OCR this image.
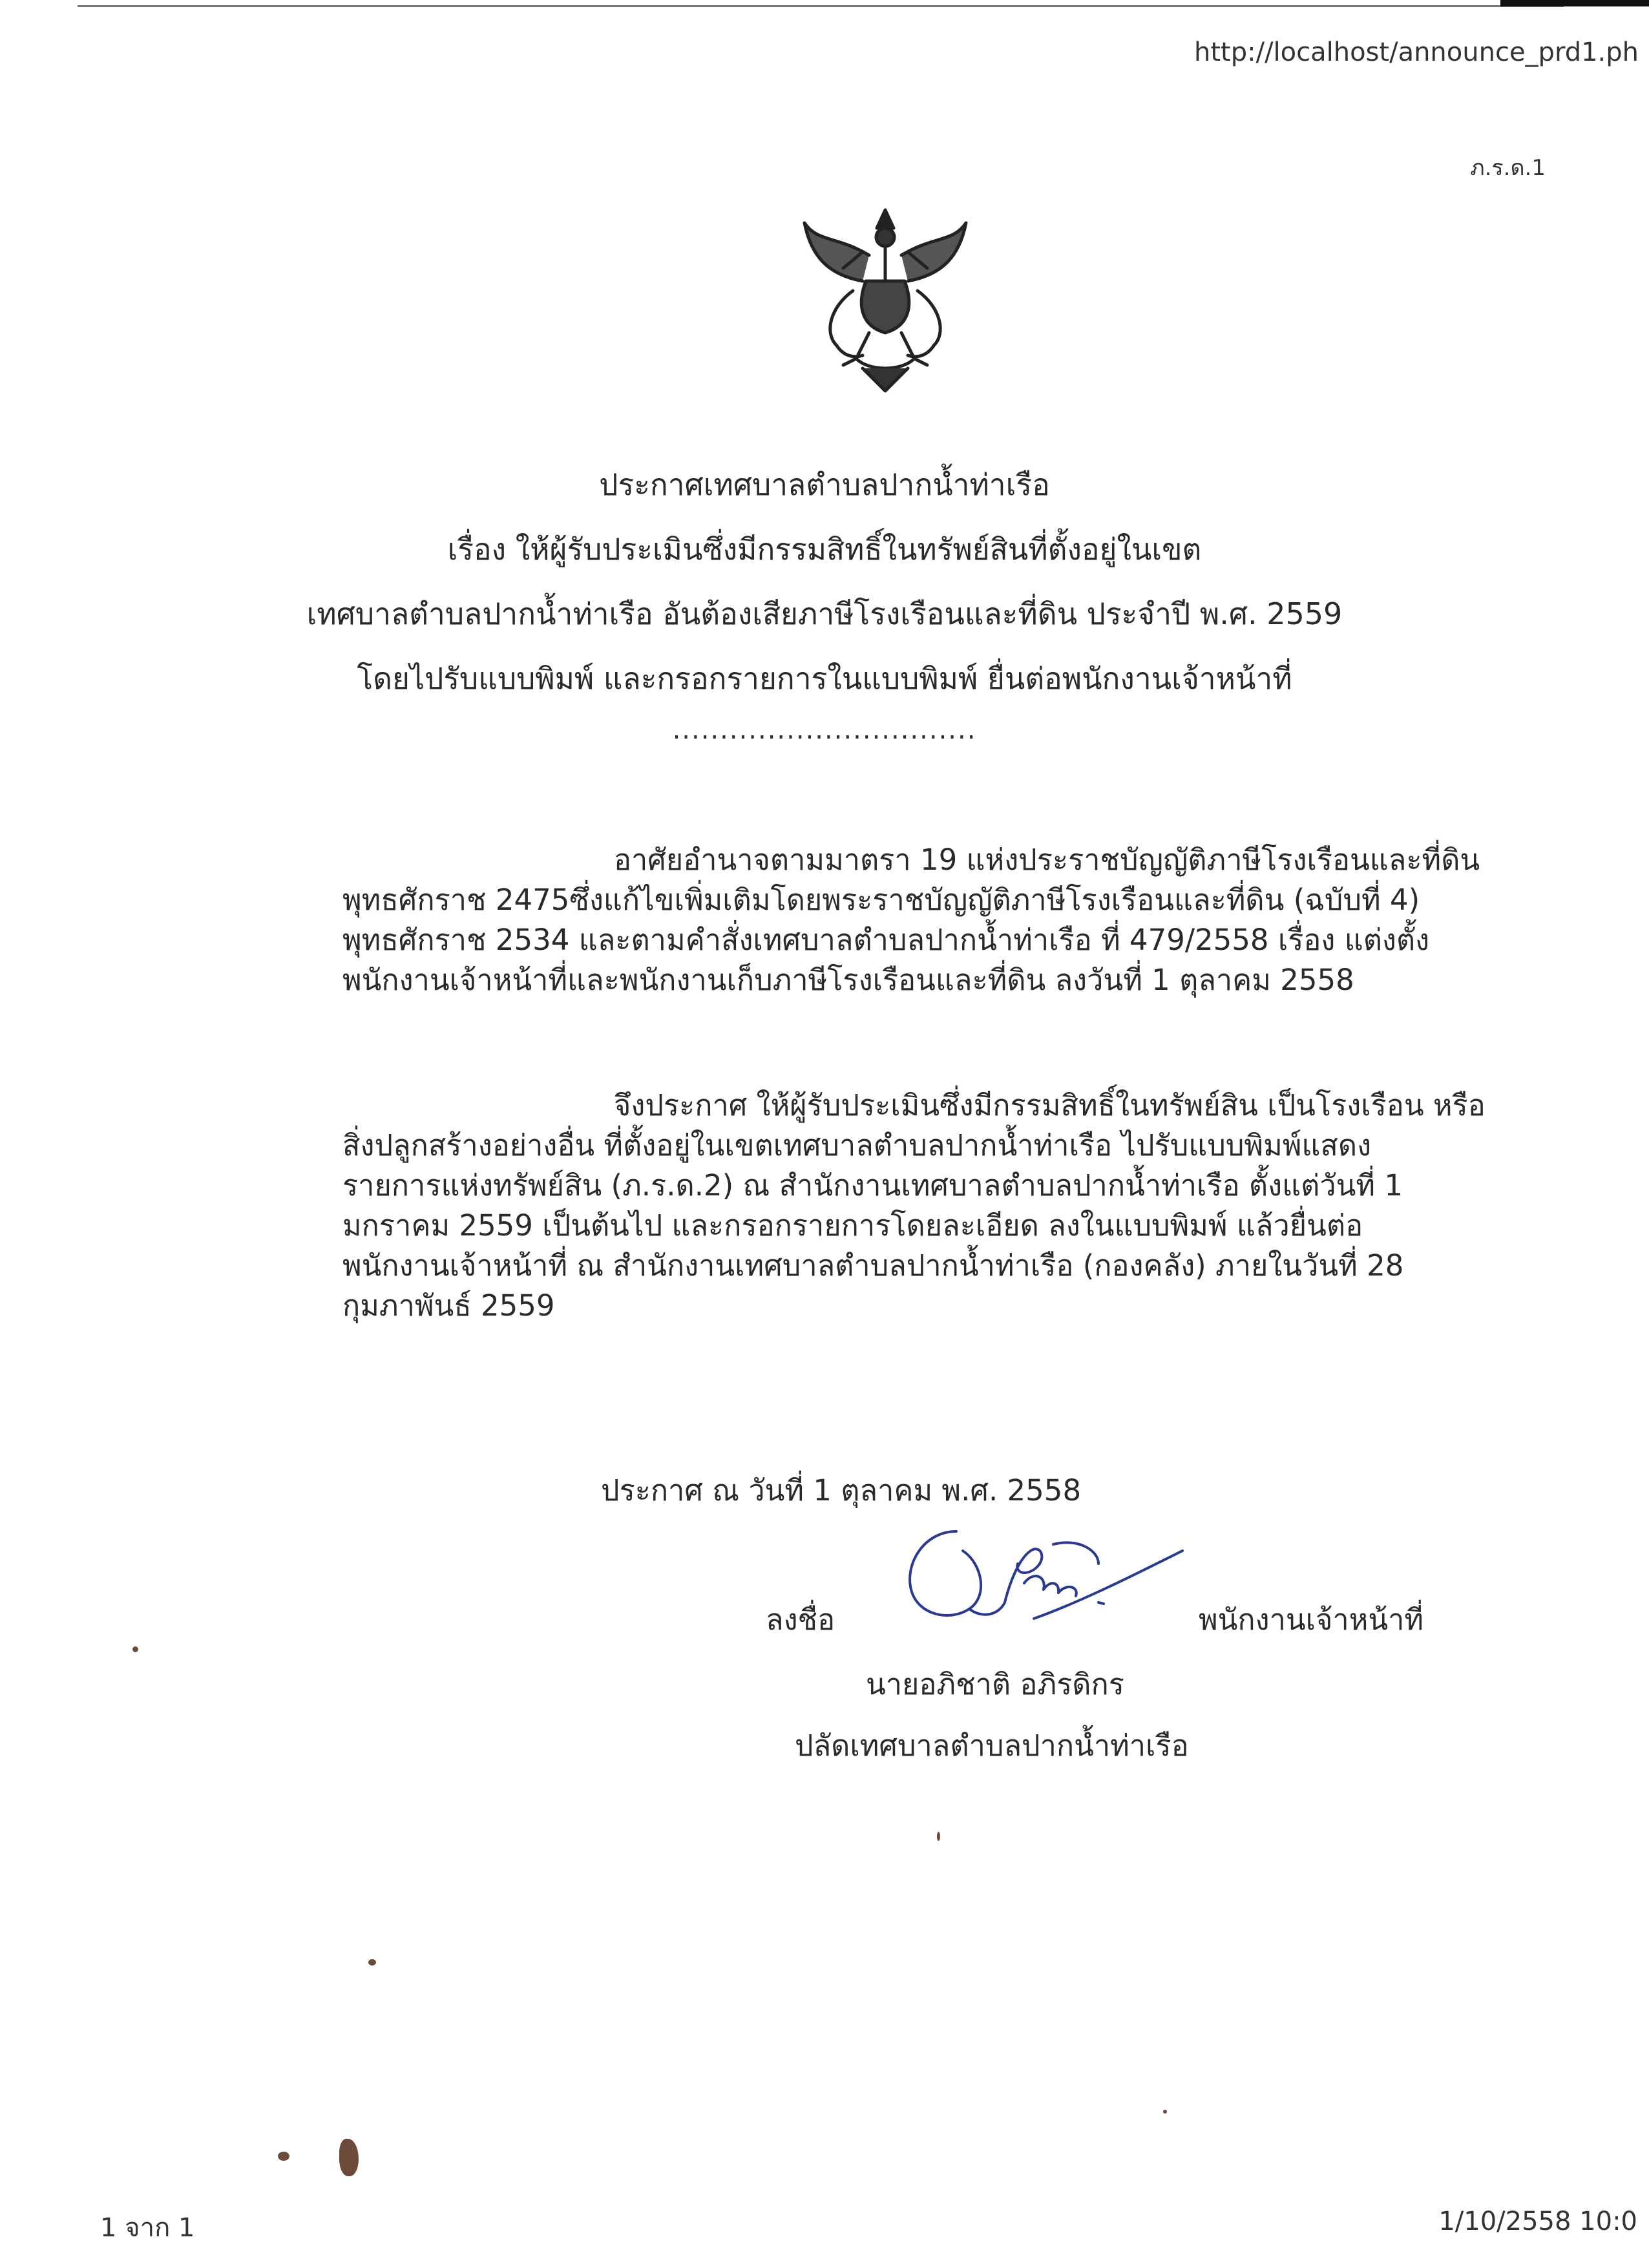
http://localhost/announce_prd1.ph
ภ.ร.ด.1
ประกาศเทศบาลตำบลปากน้ำท่าเรือ
เรื่อง ให้ผู้รับประเมินซึ่งมีกรรมสิทธิ์ในทรัพย์สินที่ตั้งอยู่ในเขต
เทศบาลตำบลปากน้ำท่าเรือ อันต้องเสียภาษีโรงเรือนและที่ดิน ประจำปี พ.ศ. 2559
โดยไปรับแบบพิมพ์ และกรอกรายการในแบบพิมพ์ ยื่นต่อพนักงานเจ้าหน้าที่
................................
อาศัยอำนาจตามมาตรา 19 แห่งประราชบัญญัติภาษีโรงเรือนและที่ดิน
พุทธศักราช 2475ซึ่งแก้ไขเพิ่มเติมโดยพระราชบัญญัติภาษีโรงเรือนและที่ดิน (ฉบับที่ 4)
พุทธศักราช 2534 และตามคำสั่งเทศบาลตำบลปากน้ำท่าเรือ ที่ 479/2558 เรื่อง แต่งตั้ง
พนักงานเจ้าหน้าที่และพนักงานเก็บภาษีโรงเรือนและที่ดิน ลงวันที่ 1 ตุลาคม 2558
จึงประกาศ ให้ผู้รับประเมินซึ่งมีกรรมสิทธิ์ในทรัพย์สิน เป็นโรงเรือน หรือ
สิ่งปลูกสร้างอย่างอื่น ที่ตั้งอยู่ในเขตเทศบาลตำบลปากน้ำท่าเรือ ไปรับแบบพิมพ์แสดง
รายการแห่งทรัพย์สิน (ภ.ร.ด.2) ณ สำนักงานเทศบาลตำบลปากน้ำท่าเรือ ตั้งแต่วันที่ 1
มกราคม 2559 เป็นต้นไป และกรอกรายการโดยละเอียด ลงในแบบพิมพ์ แล้วยื่นต่อ
พนักงานเจ้าหน้าที่ ณ สำนักงานเทศบาลตำบลปากน้ำท่าเรือ (กองคลัง) ภายในวันที่ 28
กุมภาพันธ์ 2559
ประกาศ ณ วันที่ 1 ตุลาคม พ.ศ. 2558
ลงชื่อ	พนักงานเจ้าหน้าที่
นายอภิชาติ อภิรดิกร
ปลัดเทศบาลตำบลปากน้ำท่าเรือ
1 จาก 1	1/10/2558 10:0
